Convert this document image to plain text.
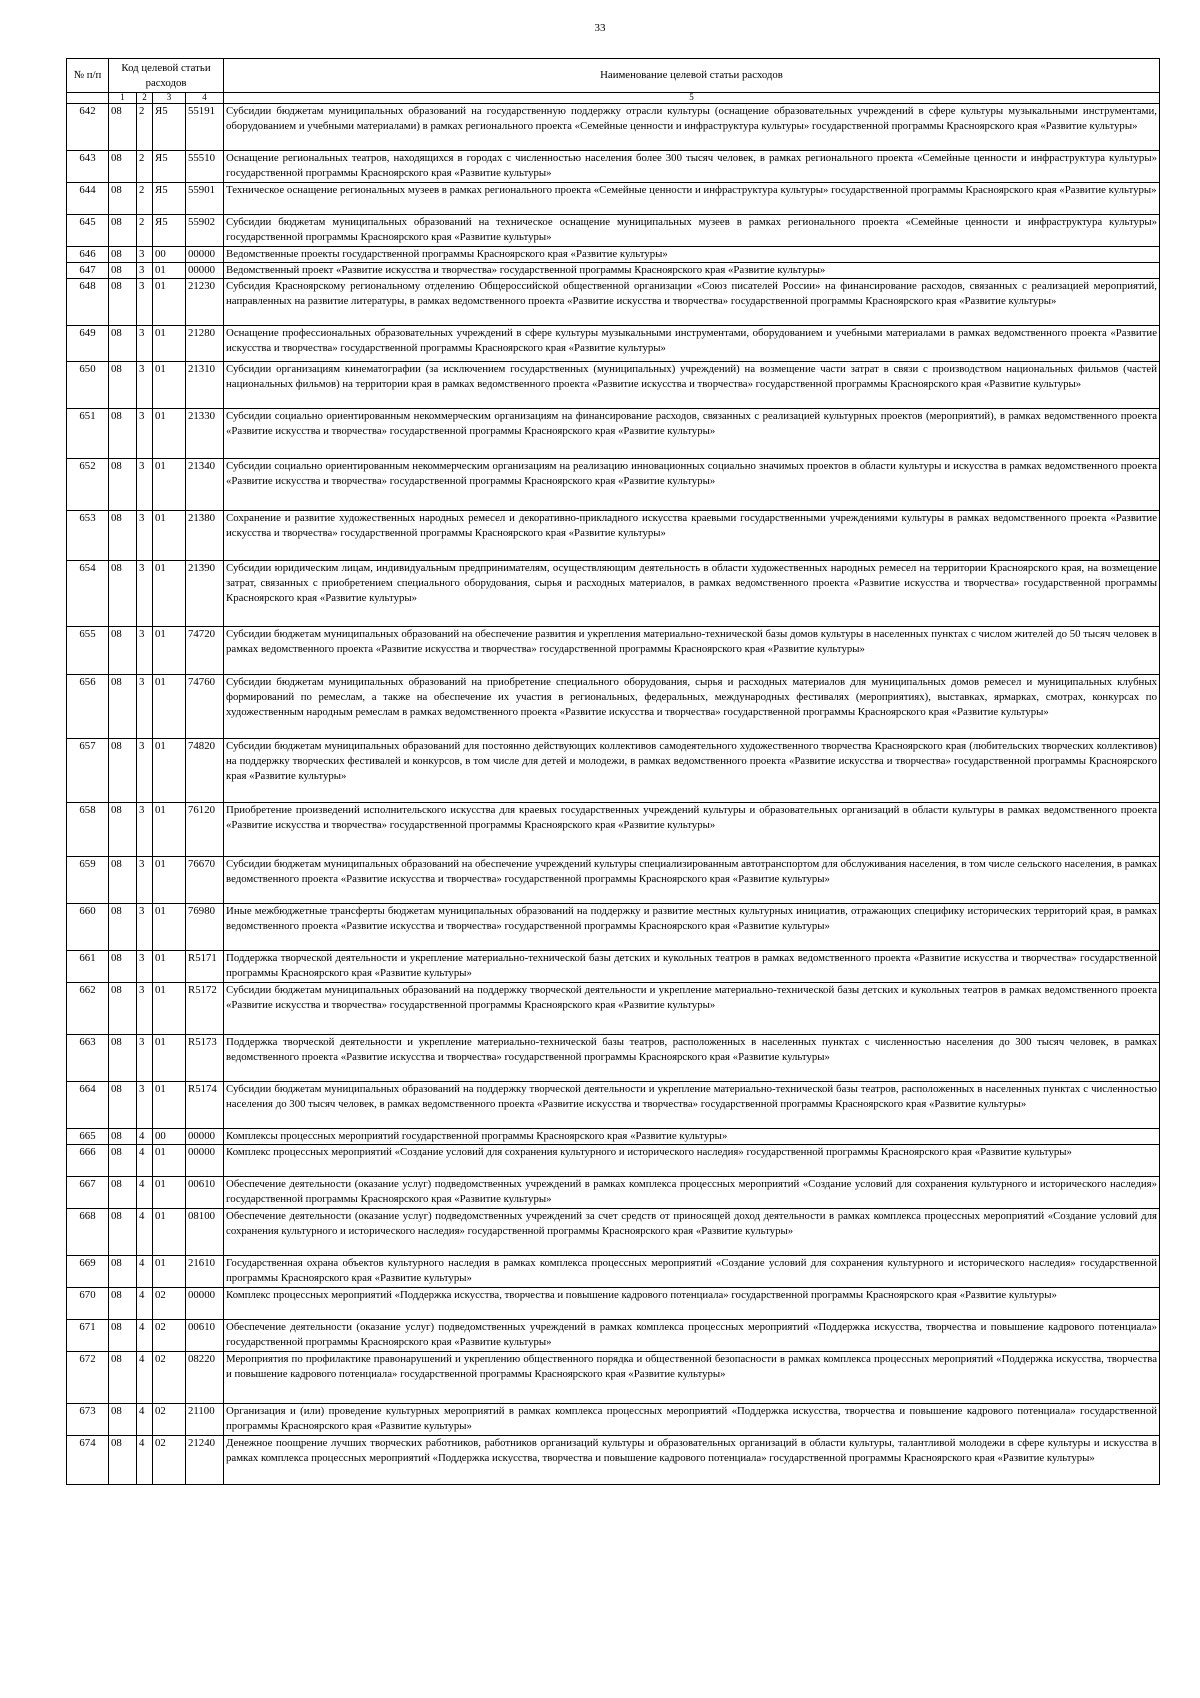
33
№ п/п	Код целевой статьи расходов				Наименование целевой статьи расходов

	1	2	3	4	5
642	08	2	Я5	55191	Субсидии бюджетам муниципальных образований на государственную поддержку отрасли культуры (оснащение образовательных учреждений в сфере культуры музыкальными инструментами, оборудованием и учебными материалами) в рамках регионального проекта «Семейные ценности и инфраструктура культуры» государственной программы Красноярского края «Развитие культуры»
643	08	2	Я5	55510	Оснащение региональных театров, находящихся в городах с численностью населения более 300 тысяч человек, в рамках регионального проекта «Семейные ценности и инфраструктура культуры» государственной программы Красноярского края «Развитие культуры»
644	08	2	Я5	55901	Техническое оснащение региональных музеев в рамках регионального проекта «Семейные ценности и инфраструктура культуры» государственной программы Красноярского края «Развитие культуры»
645	08	2	Я5	55902	Субсидии бюджетам муниципальных образований на техническое оснащение муниципальных музеев в рамках регионального проекта «Семейные ценности и инфраструктура культуры» государственной программы Красноярского края «Развитие культуры»
646	08	3	00	00000	Ведомственные проекты государственной программы Красноярского края «Развитие культуры»
647	08	3	01	00000	Ведомственный проект «Развитие искусства и творчества» государственной программы Красноярского края «Развитие культуры»
648	08	3	01	21230	Субсидия Красноярскому региональному отделению Общероссийской общественной организации «Союз писателей России» на финансирование расходов, связанных с реализацией мероприятий, направленных на развитие литературы, в рамках ведомственного проекта «Развитие искусства и творчества» государственной программы Красноярского края «Развитие культуры»
649	08	3	01	21280	Оснащение профессиональных образовательных учреждений в сфере культуры музыкальными инструментами, оборудованием и учебными материалами в рамках ведомственного проекта «Развитие искусства и творчества» государственной программы Красноярского края «Развитие культуры»
650	08	3	01	21310	Субсидии организациям кинематографии (за исключением государственных (муниципальных) учреждений) на возмещение части затрат в связи с производством национальных фильмов (частей национальных фильмов) на территории края в рамках ведомственного проекта «Развитие искусства и творчества» государственной программы Красноярского края «Развитие культуры»
651	08	3	01	21330	Субсидии социально ориентированным некоммерческим организациям на финансирование расходов, связанных с реализацией культурных проектов (мероприятий), в рамках ведомственного проекта «Развитие искусства и творчества» государственной программы Красноярского края «Развитие культуры»
652	08	3	01	21340	Субсидии социально ориентированным некоммерческим организациям на реализацию инновационных социально значимых проектов в области культуры и искусства в рамках ведомственного проекта «Развитие искусства и творчества» государственной программы Красноярского края «Развитие культуры»
653	08	3	01	21380	Сохранение и развитие художественных народных ремесел и декоративно-прикладного искусства краевыми государственными учреждениями культуры в рамках ведомственного проекта «Развитие искусства и творчества» государственной программы Красноярского края «Развитие культуры»
654	08	3	01	21390	Субсидии юридическим лицам, индивидуальным предпринимателям, осуществляющим деятельность в области художественных народных ремесел на территории Красноярского края, на возмещение затрат, связанных с приобретением специального оборудования, сырья и расходных материалов, в рамках ведомственного проекта «Развитие искусства и творчества» государственной программы Красноярского края «Развитие культуры»
655	08	3	01	74720	Субсидии бюджетам муниципальных образований на обеспечение развития и укрепления материально-технической базы домов культуры в населенных пунктах с числом жителей до 50 тысяч человек в рамках ведомственного проекта «Развитие искусства и творчества» государственной программы Красноярского края «Развитие культуры»
656	08	3	01	74760	Субсидии бюджетам муниципальных образований на приобретение специального оборудования, сырья и расходных материалов для муниципальных домов ремесел и муниципальных клубных формирований по ремеслам, а также на обеспечение их участия в региональных, федеральных, международных фестивалях (мероприятиях), выставках, ярмарках, смотрах, конкурсах по художественным народным ремеслам в рамках ведомственного проекта «Развитие искусства и творчества» государственной программы Красноярского края «Развитие культуры»
657	08	3	01	74820	Субсидии бюджетам муниципальных образований для постоянно действующих коллективов самодеятельного художественного творчества Красноярского края (любительских творческих коллективов) на поддержку творческих фестивалей и конкурсов, в том числе для детей и молодежи, в рамках ведомственного проекта «Развитие искусства и творчества» государственной программы Красноярского края «Развитие культуры»
658	08	3	01	76120	Приобретение произведений исполнительского искусства для краевых государственных учреждений культуры и образовательных организаций в области культуры в рамках ведомственного проекта «Развитие искусства и творчества» государственной программы Красноярского края «Развитие культуры»
659	08	3	01	76670	Субсидии бюджетам муниципальных образований на обеспечение учреждений культуры специализированным автотранспортом для обслуживания населения, в том числе сельского населения, в рамках ведомственного проекта «Развитие искусства и творчества» государственной программы Красноярского края «Развитие культуры»
660	08	3	01	76980	Иные межбюджетные трансферты бюджетам муниципальных образований на поддержку и развитие местных культурных инициатив, отражающих специфику исторических территорий края, в рамках ведомственного проекта «Развитие искусства и творчества» государственной программы Красноярского края «Развитие культуры»
661	08	3	01	R5171	Поддержка творческой деятельности и укрепление материально-технической базы детских и кукольных театров в рамках ведомственного проекта «Развитие искусства и творчества» государственной программы Красноярского края «Развитие культуры»
662	08	3	01	R5172	Субсидии бюджетам муниципальных образований на поддержку творческой деятельности и укрепление материально-технической базы детских и кукольных театров в рамках ведомственного проекта «Развитие искусства и творчества» государственной программы Красноярского края «Развитие культуры»
663	08	3	01	R5173	Поддержка творческой деятельности и укрепление материально-технической базы театров, расположенных в населенных пунктах с численностью населения до 300 тысяч человек, в рамках ведомственного проекта «Развитие искусства и творчества» государственной программы Красноярского края «Развитие культуры»
664	08	3	01	R5174	Субсидии бюджетам муниципальных образований на поддержку творческой деятельности и укрепление материально-технической базы театров, расположенных в населенных пунктах с численностью населения до 300 тысяч человек, в рамках ведомственного проекта «Развитие искусства и творчества» государственной программы Красноярского края «Развитие культуры»
665	08	4	00	00000	Комплексы процессных мероприятий государственной программы Красноярского края «Развитие культуры»
666	08	4	01	00000	Комплекс процессных мероприятий «Создание условий для сохранения культурного и исторического наследия» государственной программы Красноярского края «Развитие культуры»
667	08	4	01	00610	Обеспечение деятельности (оказание услуг) подведомственных учреждений в рамках комплекса процессных мероприятий «Создание условий для сохранения культурного и исторического наследия» государственной программы Красноярского края «Развитие культуры»
668	08	4	01	08100	Обеспечение деятельности (оказание услуг) подведомственных учреждений за счет средств от приносящей доход деятельности в рамках комплекса процессных мероприятий «Создание условий для сохранения культурного и исторического наследия» государственной программы Красноярского края «Развитие культуры»
669	08	4	01	21610	Государственная охрана объектов культурного наследия в рамках комплекса процессных мероприятий «Создание условий для сохранения культурного и исторического наследия» государственной программы Красноярского края «Развитие культуры»
670	08	4	02	00000	Комплекс процессных мероприятий «Поддержка искусства, творчества и повышение кадрового потенциала» государственной программы Красноярского края «Развитие культуры»
671	08	4	02	00610	Обеспечение деятельности (оказание услуг) подведомственных учреждений в рамках комплекса процессных мероприятий «Поддержка искусства, творчества и повышение кадрового потенциала» государственной программы Красноярского края «Развитие культуры»
672	08	4	02	08220	Мероприятия по профилактике правонарушений и укреплению общественного порядка и общественной безопасности в рамках комплекса процессных мероприятий «Поддержка искусства, творчества и повышение кадрового потенциала» государственной программы Красноярского края «Развитие культуры»
673	08	4	02	21100	Организация и (или) проведение культурных мероприятий в рамках комплекса процессных мероприятий «Поддержка искусства, творчества и повышение кадрового потенциала» государственной программы Красноярского края «Развитие культуры»
674	08	4	02	21240	Денежное поощрение лучших творческих работников, работников организаций культуры и образовательных организаций в области культуры, талантливой молодежи в сфере культуры и искусства в рамках комплекса процессных мероприятий «Поддержка искусства, творчества и повышение кадрового потенциала» государственной программы Красноярского края «Развитие культуры»
